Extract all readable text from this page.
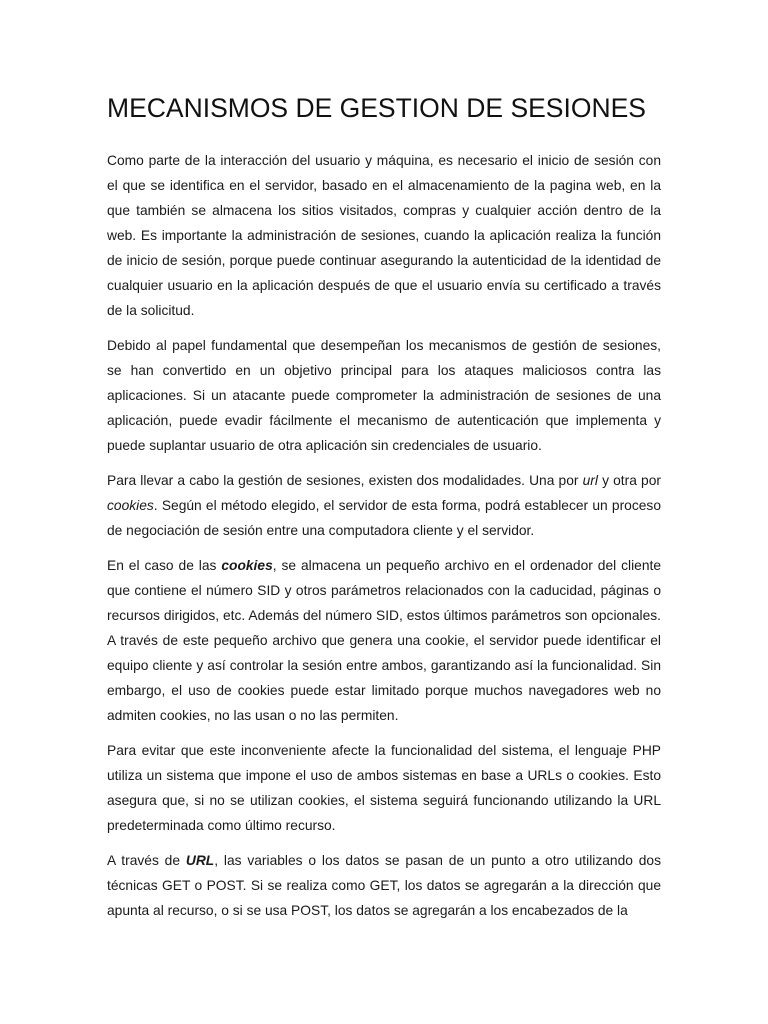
MECANISMOS DE GESTION DE SESIONES

Como parte de la interacción del usuario y máquina, es necesario el inicio de sesión con el que se identifica en el servidor, basado en el almacenamiento de la pagina web, en la que también se almacena los sitios visitados, compras y cualquier acción dentro de la web. Es importante la administración de sesiones, cuando la aplicación realiza la función de inicio de sesión, porque puede continuar asegurando la autenticidad de la identidad de cualquier usuario en la aplicación después de que el usuario envía su certificado a través de la solicitud.

Debido al papel fundamental que desempeñan los mecanismos de gestión de sesiones, se han convertido en un objetivo principal para los ataques maliciosos contra las aplicaciones. Si un atacante puede comprometer la administración de sesiones de una aplicación, puede evadir fácilmente el mecanismo de autenticación que implementa y puede suplantar usuario de otra aplicación sin credenciales de usuario.

Para llevar a cabo la gestión de sesiones, existen dos modalidades. Una por url y otra por cookies. Según el método elegido, el servidor de esta forma, podrá establecer un proceso de negociación de sesión entre una computadora cliente y el servidor.

En el caso de las cookies, se almacena un pequeño archivo en el ordenador del cliente que contiene el número SID y otros parámetros relacionados con la caducidad, páginas o recursos dirigidos, etc. Además del número SID, estos últimos parámetros son opcionales. A través de este pequeño archivo que genera una cookie, el servidor puede identificar el equipo cliente y así controlar la sesión entre ambos, garantizando así la funcionalidad. Sin embargo, el uso de cookies puede estar limitado porque muchos navegadores web no admiten cookies, no las usan o no las permiten.

Para evitar que este inconveniente afecte la funcionalidad del sistema, el lenguaje PHP utiliza un sistema que impone el uso de ambos sistemas en base a URLs o cookies. Esto asegura que, si no se utilizan cookies, el sistema seguirá funcionando utilizando la URL predeterminada como último recurso.

A través de URL, las variables o los datos se pasan de un punto a otro utilizando dos técnicas GET o POST. Si se realiza como GET, los datos se agregarán a la dirección que apunta al recurso, o si se usa POST, los datos se agregarán a los encabezados de la
